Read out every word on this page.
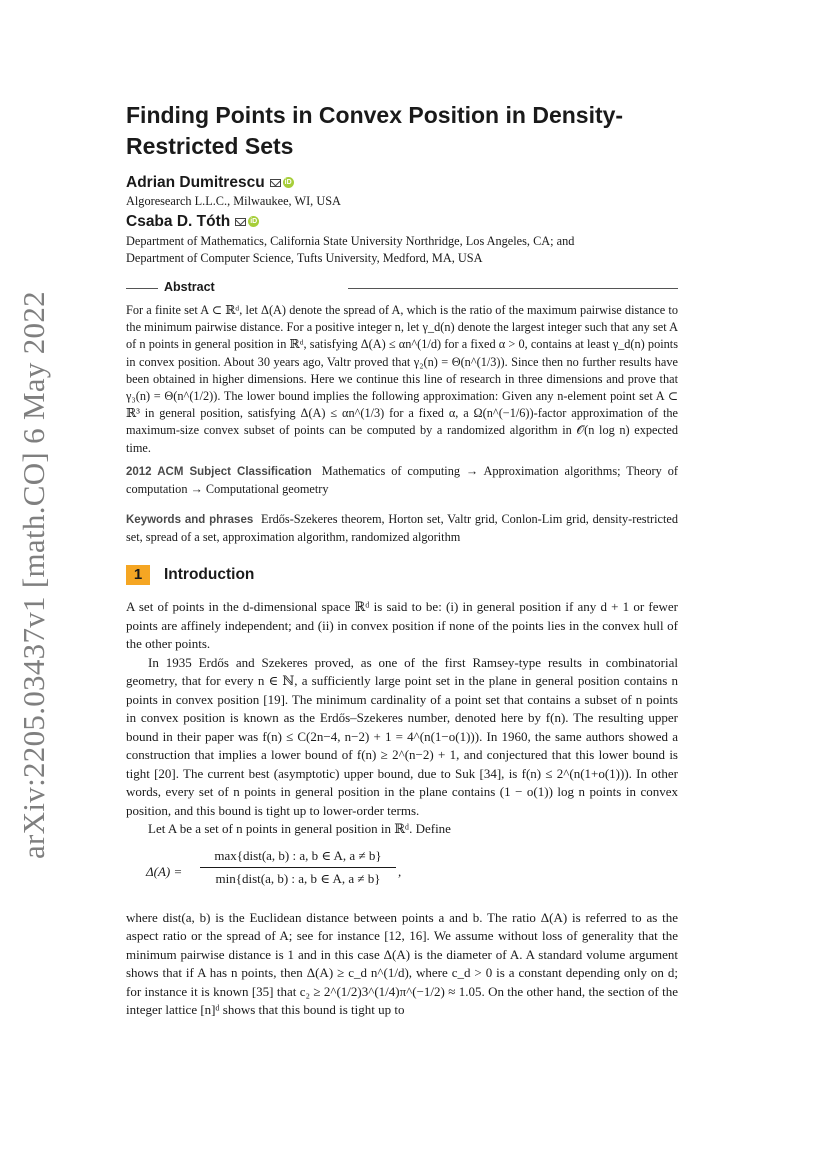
arXiv:2205.03437v1 [math.CO] 6 May 2022
Finding Points in Convex Position in Density-Restricted Sets
Adrian Dumitrescu	iD
Algoresearch L.L.C., Milwaukee, WI, USA
Csaba D. Tóth	iD
Department of Mathematics, California State University Northridge, Los Angeles, CA; and
Department of Computer Science, Tufts University, Medford, MA, USA
Abstract

For a finite set A ⊂ ℝᵈ, let Δ(A) denote the spread of A, which is the ratio of the maximum pairwise distance to the minimum pairwise distance. For a positive integer n, let γ_d(n) denote the largest integer such that any set A of n points in general position in ℝᵈ, satisfying Δ(A) ≤ αn^(1/d) for a fixed α > 0, contains at least γ_d(n) points in convex position. About 30 years ago, Valtr proved that γ₂(n) = Θ(n^(1/3)). Since then no further results have been obtained in higher dimensions. Here we continue this line of research in three dimensions and prove that γ₃(n) = Θ(n^(1/2)). The lower bound implies the following approximation: Given any n-element point set A ⊂ ℝ³ in general position, satisfying Δ(A) ≤ αn^(1/3) for a fixed α, a Ω(n^(−1/6))-factor approximation of the maximum-size convex subset of points can be computed by a randomized algorithm in 𝒪(n log n) expected time.

2012 ACM Subject Classification Mathematics of computing → Approximation algorithms; Theory of computation → Computational geometry

Keywords and phrases Erdős-Szekeres theorem, Horton set, Valtr grid, Conlon-Lim grid, density-restricted set, spread of a set, approximation algorithm, randomized algorithm

1 Introduction

A set of points in the d-dimensional space ℝᵈ is said to be: (i) in general position if any d + 1 or fewer points are affinely independent; and (ii) in convex position if none of the points lies in the convex hull of the other points.

In 1935 Erdős and Szekeres proved, as one of the first Ramsey-type results in combinatorial geometry, that for every n ∈ ℕ, a sufficiently large point set in the plane in general position contains n points in convex position [19]. The minimum cardinality of a point set that contains a subset of n points in convex position is known as the Erdős–Szekeres number, denoted here by f(n). The resulting upper bound in their paper was f(n) ≤ C(2n−4, n−2) + 1 = 4^(n(1−o(1))). In 1960, the same authors showed a construction that implies a lower bound of f(n) ≥ 2^(n−2) + 1, and conjectured that this lower bound is tight [20]. The current best (asymptotic) upper bound, due to Suk [34], is f(n) ≤ 2^(n(1+o(1))). In other words, every set of n points in general position in the plane contains (1 − o(1)) log n points in convex position, and this bound is tight up to lower-order terms.

Let A be a set of n points in general position in ℝᵈ. Define

Δ(A) =
max{dist(a, b) : a, b ∈ A, a ≠ b}
min{dist(a, b) : a, b ∈ A, a ≠ b}	,

where dist(a, b) is the Euclidean distance between points a and b. The ratio Δ(A) is referred to as the aspect ratio or the spread of A; see for instance [12, 16]. We assume without loss of generality that the minimum pairwise distance is 1 and in this case Δ(A) is the diameter of A. A standard volume argument shows that if A has n points, then Δ(A) ≥ c_d n^(1/d), where c_d > 0 is a constant depending only on d; for instance it is known [35] that c₂ ≥ 2^(1/2)3^(1/4)π^(−1/2) ≈ 1.05. On the other hand, the section of the integer lattice [n]ᵈ shows that this bound is tight up to
